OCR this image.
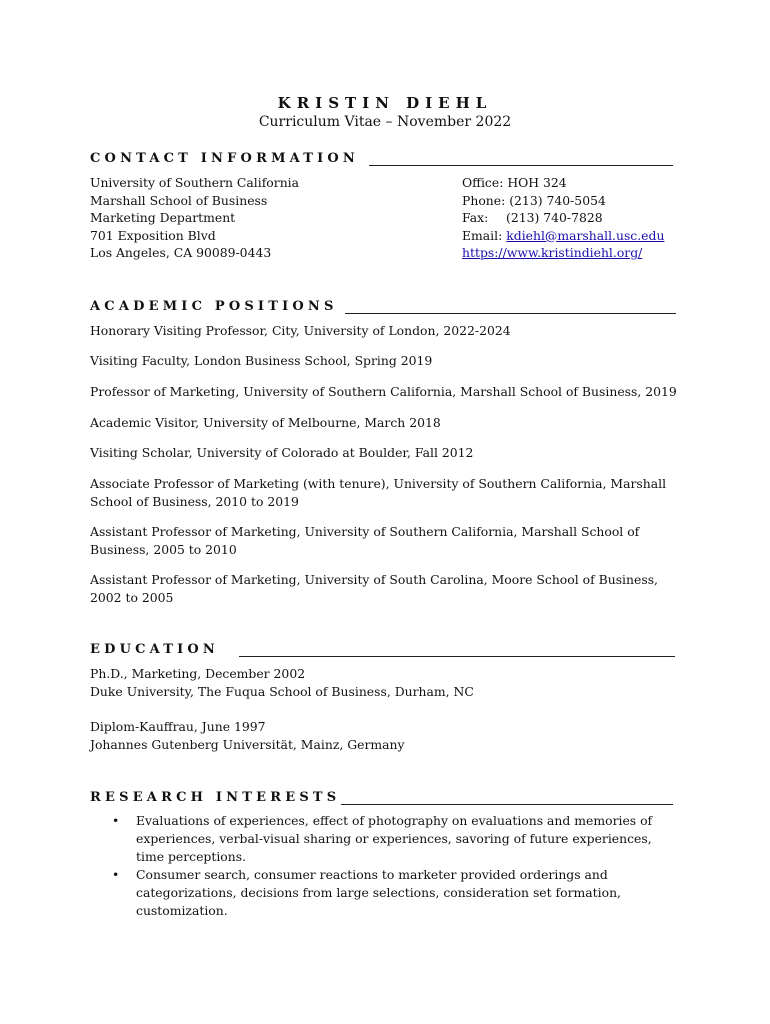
KRISTIN DIEHL
Curriculum Vitae – November 2022
CONTACT INFORMATION
University of Southern California
Marshall School of Business
Marketing Department
701 Exposition Blvd
Los Angeles, CA 90089-0443
Office: HOH 324
Phone: (213) 740-5054
Fax: (213) 740-7828
Email: kdiehl@marshall.usc.edu
https://www.kristindiehl.org/
ACADEMIC POSITIONS
Honorary Visiting Professor, City, University of London, 2022-2024
Visiting Faculty, London Business School, Spring 2019
Professor of Marketing, University of Southern California, Marshall School of Business, 2019
Academic Visitor, University of Melbourne, March 2018
Visiting Scholar, University of Colorado at Boulder, Fall 2012
Associate Professor of Marketing (with tenure), University of Southern California, Marshall School of Business, 2010 to 2019
Assistant Professor of Marketing, University of Southern California, Marshall School of Business, 2005 to 2010
Assistant Professor of Marketing, University of South Carolina, Moore School of Business, 2002 to 2005
EDUCATION
Ph.D., Marketing, December 2002
Duke University, The Fuqua School of Business, Durham, NC
Diplom-Kauffrau, June 1997
Johannes Gutenberg Universität, Mainz, Germany
RESEARCH INTERESTS
• Evaluations of experiences, effect of photography on evaluations and memories of experiences, verbal-visual sharing or experiences, savoring of future experiences, time perceptions.
• Consumer search, consumer reactions to marketer provided orderings and categorizations, decisions from large selections, consideration set formation, customization.
